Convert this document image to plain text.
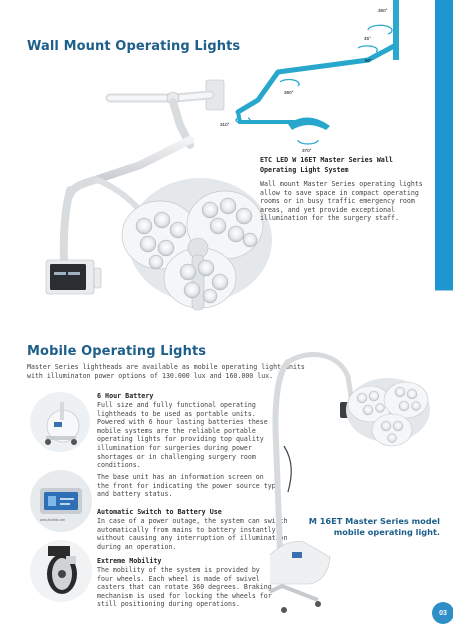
Wall Mount Operating Lights
360°
45°
50°
360°
310°
370°
ETC LED W 16ET Master Series Wall Operating Light System
Wall mount Master Series operating lights
allow to save space in compact operating
rooms or in busy traffic emergency room
areas, and yet provide exceptional
illumination for the surgery staff.
Mobile Operating Lights
Master Series lightheads are available as mobile operating light units
with illuminaton power options of 130.000 lux and 160.000 lux.
www.etchikis.com
6 Hour Battery
Full size and fully functional operating
lightheads to be used as portable units.
Powered with 6 hour lasting batteries these
mobile systems are the reliable portable
operating lights for providing top quality
illumination for surgeries during power
shortages or in challenging surgery room
conditions.
The base unit has an information screen on
the front for indicating the power source type
and battery status.
Automatic Switch to Battery Use
In case of a power outage, the system can switch
automatically from mains to battery instantly
without causing any interruption of illumination
during an operation.
Extreme Mobility
The mobility of the system is provided by
four wheels. Each wheel is made of swivel
casters that can rotate 360 degrees. Braking
mechanism is used for locking the wheels for
still positioning during operations.
M 16ET Master Series model
mobile operating light.
03
